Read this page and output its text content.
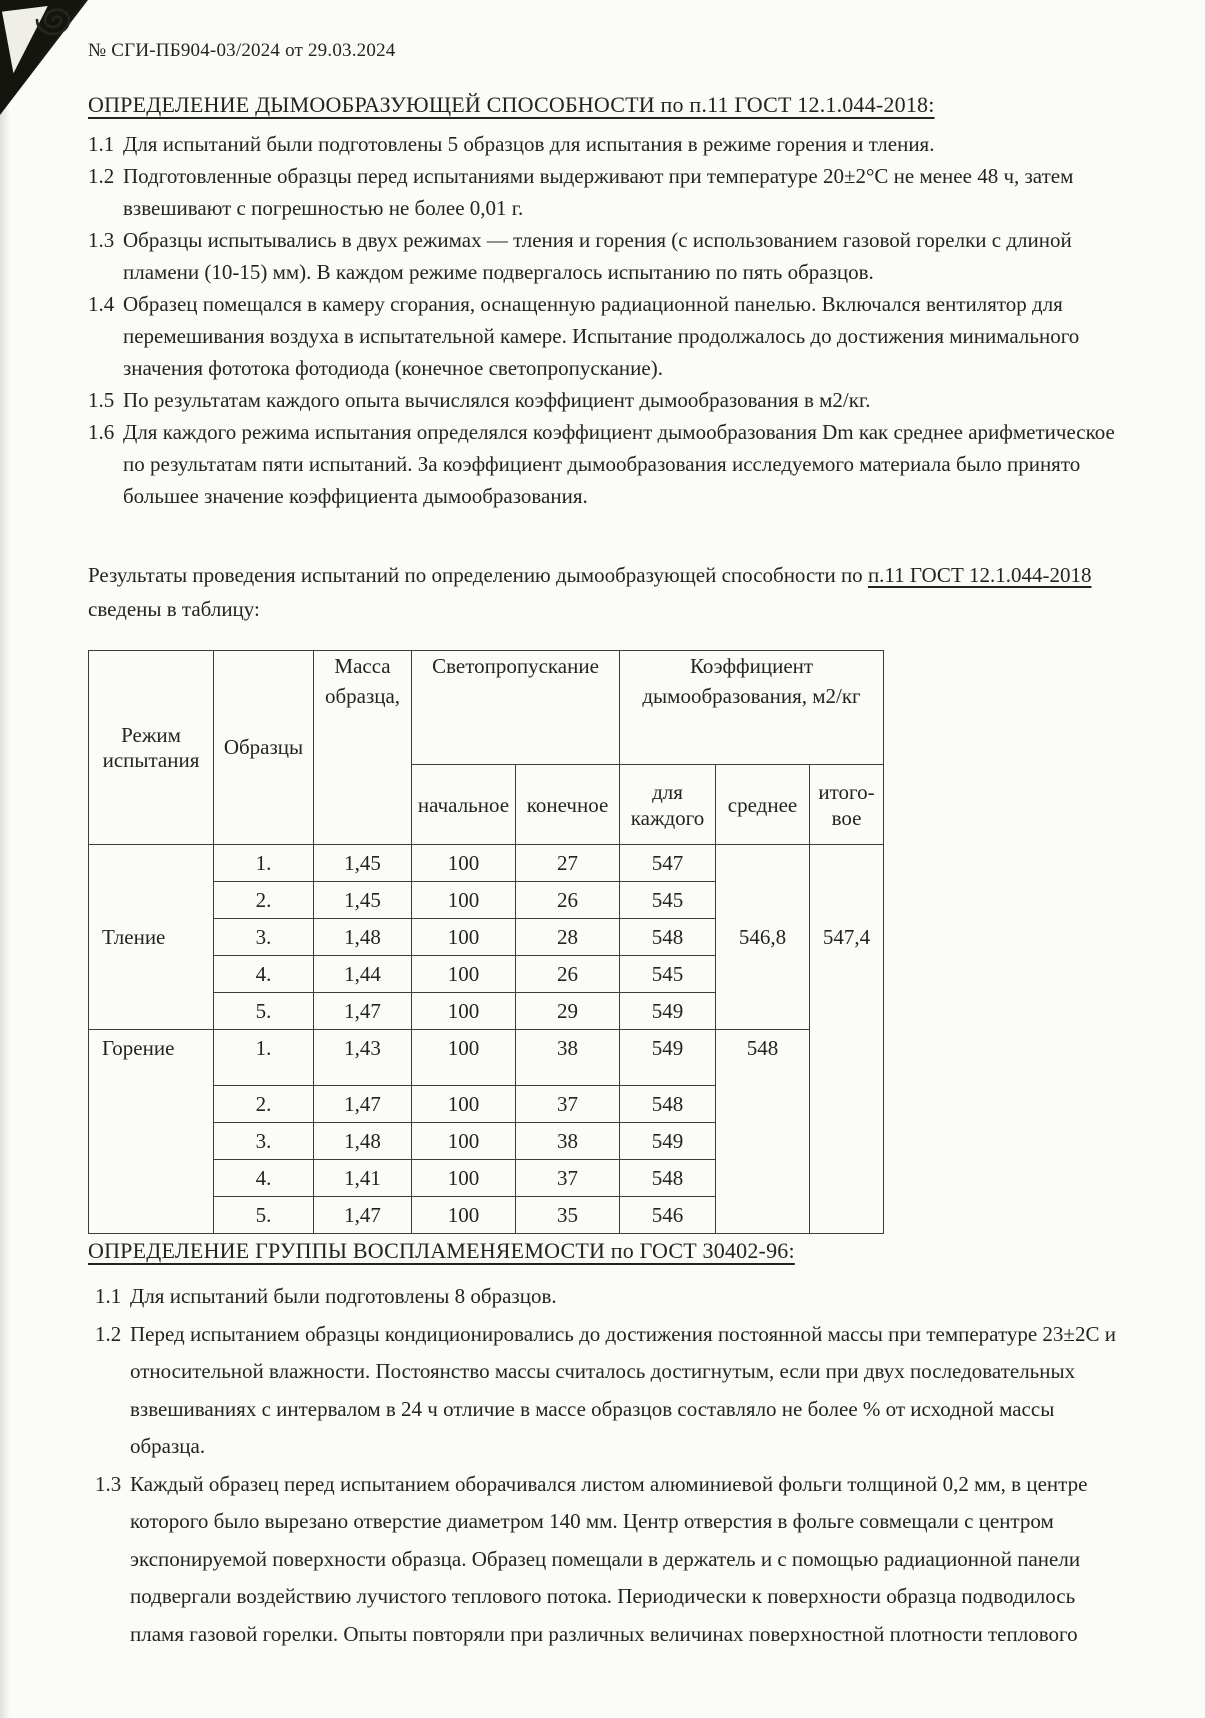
№ СГИ-ПБ904-03/2024 от 29.03.2024
ОПРЕДЕЛЕНИЕ ДЫМООБРАЗУЮЩЕЙ СПОСОБНОСТИ по п.11 ГОСТ 12.1.044-2018:
1.1 Для испытаний были подготовлены 5 образцов для испытания в режиме горения и тления.
1.2 Подготовленные образцы перед испытаниями выдерживают при температуре 20±2°С не менее 48 ч, затем взвешивают с погрешностью не более 0,01 г.
1.3 Образцы испытывались в двух режимах — тления и горения (с использованием газовой горелки с длиной пламени (10-15) мм). В каждом режиме подвергалось испытанию по пять образцов.
1.4 Образец помещался в камеру сгорания, оснащенную радиационной панелью. Включался вентилятор для перемешивания воздуха в испытательной камере. Испытание продолжалось до достижения минимального значения фототока фотодиода (конечное светопропускание).
1.5 По результатам каждого опыта вычислялся коэффициент дымообразования в м2/кг.
1.6 Для каждого режима испытания определялся коэффициент дымообразования Dm как среднее арифметическое по результатам пяти испытаний. За коэффициент дымообразования исследуемого материала было принято большее значение коэффициента дымообразования.

Результаты проведения испытаний по определению дымообразующей способности по п.11 ГОСТ 12.1.044-2018 сведены в таблицу:

Режим испытания	Образцы	Масса образца,	Светопропускание		Коэффициент дымообразования, м2/кг		
			начальное	конечное	для каждого	среднее	итого-вое
Тление	1.	1,45	100	27	547	546,8	547,4
	2.	1,45	100	26	545		
	3.	1,48	100	28	548		
	4.	1,44	100	26	545		
	5.	1,47	100	29	549		
Горение	1.	1,43	100	38	549	548	
	2.	1,47	100	37	548		
	3.	1,48	100	38	549		
	4.	1,41	100	37	548		
	5.	1,47	100	35	546		
ОПРЕДЕЛЕНИЕ ГРУППЫ ВОСПЛАМЕНЯЕМОСТИ по ГОСТ 30402-96:
1.1 Для испытаний были подготовлены 8 образцов.
1.2 Перед испытанием образцы кондиционировались до достижения постоянной массы при температуре 23±2С и относительной влажности. Постоянство массы считалось достигнутым, если при двух последовательных взвешиваниях с интервалом в 24 ч отличие в массе образцов составляло не более % от исходной массы образца.
1.3 Каждый образец перед испытанием оборачивался листом алюминиевой фольги толщиной 0,2 мм, в центре которого было вырезано отверстие диаметром 140 мм. Центр отверстия в фольге совмещали с центром экспонируемой поверхности образца. Образец помещали в держатель и с помощью радиационной панели подвергали воздействию лучистого теплового потока. Периодически к поверхности образца подводилось пламя газовой горелки. Опыты повторяли при различных величинах поверхностной плотности теплового
